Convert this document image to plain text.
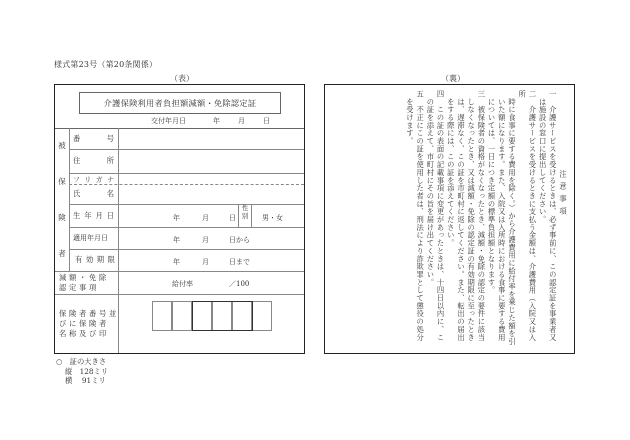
様式第23号（第20条関係）
（表）	（裏）
介護保険利用者負担額減額・免除認定証
交付年月日	年	月	日
被
保
険
者
番	号
住	所
フ リ ガ ナ
氏	名
生 年 月 日	年	月	日
性別 男・女
適用年月日	年	月	日から
有 効 期 限	年	月	日まで
減額・免除
認定事項	給付率	／100
保険者番号並
びに保険者
名称及び印
○　証の大きさ
縦　128ミリ
横　 91ミリ

注意事項

一　介護サービスを受けるときは、必ず事前に、この認定証を事業者又

　は施設の窓口に提出してください。

二　介護サービスを受けるときに支払う金額は、介護費用（入院又は入所

　時に食事に要する費用を除く。）から介護費用に給付率を乗じた額を引

　いた額になります。また、入院又は入所時における食事に要する費用

　については、一日につき定額の標準負担額となります。

三　被保険者の資格がなくなったとき、減額・免除の認定の要件に該当

　しなくなったとき、又は減額・免除の認定証の有効期限に至ったとき

　は、遅滞なく、この証を市町村に返してください。また、転出の届出

　をする際には、この証を添えてください。

四　この証の表面の記載事項に変更があったときは、十四日以内に、こ

　の証を添えて、市町村にその旨を届け出てください。

五　不正にこの証を使用した者は、刑法により詐欺罪として懲役の処分

　を受けます。
